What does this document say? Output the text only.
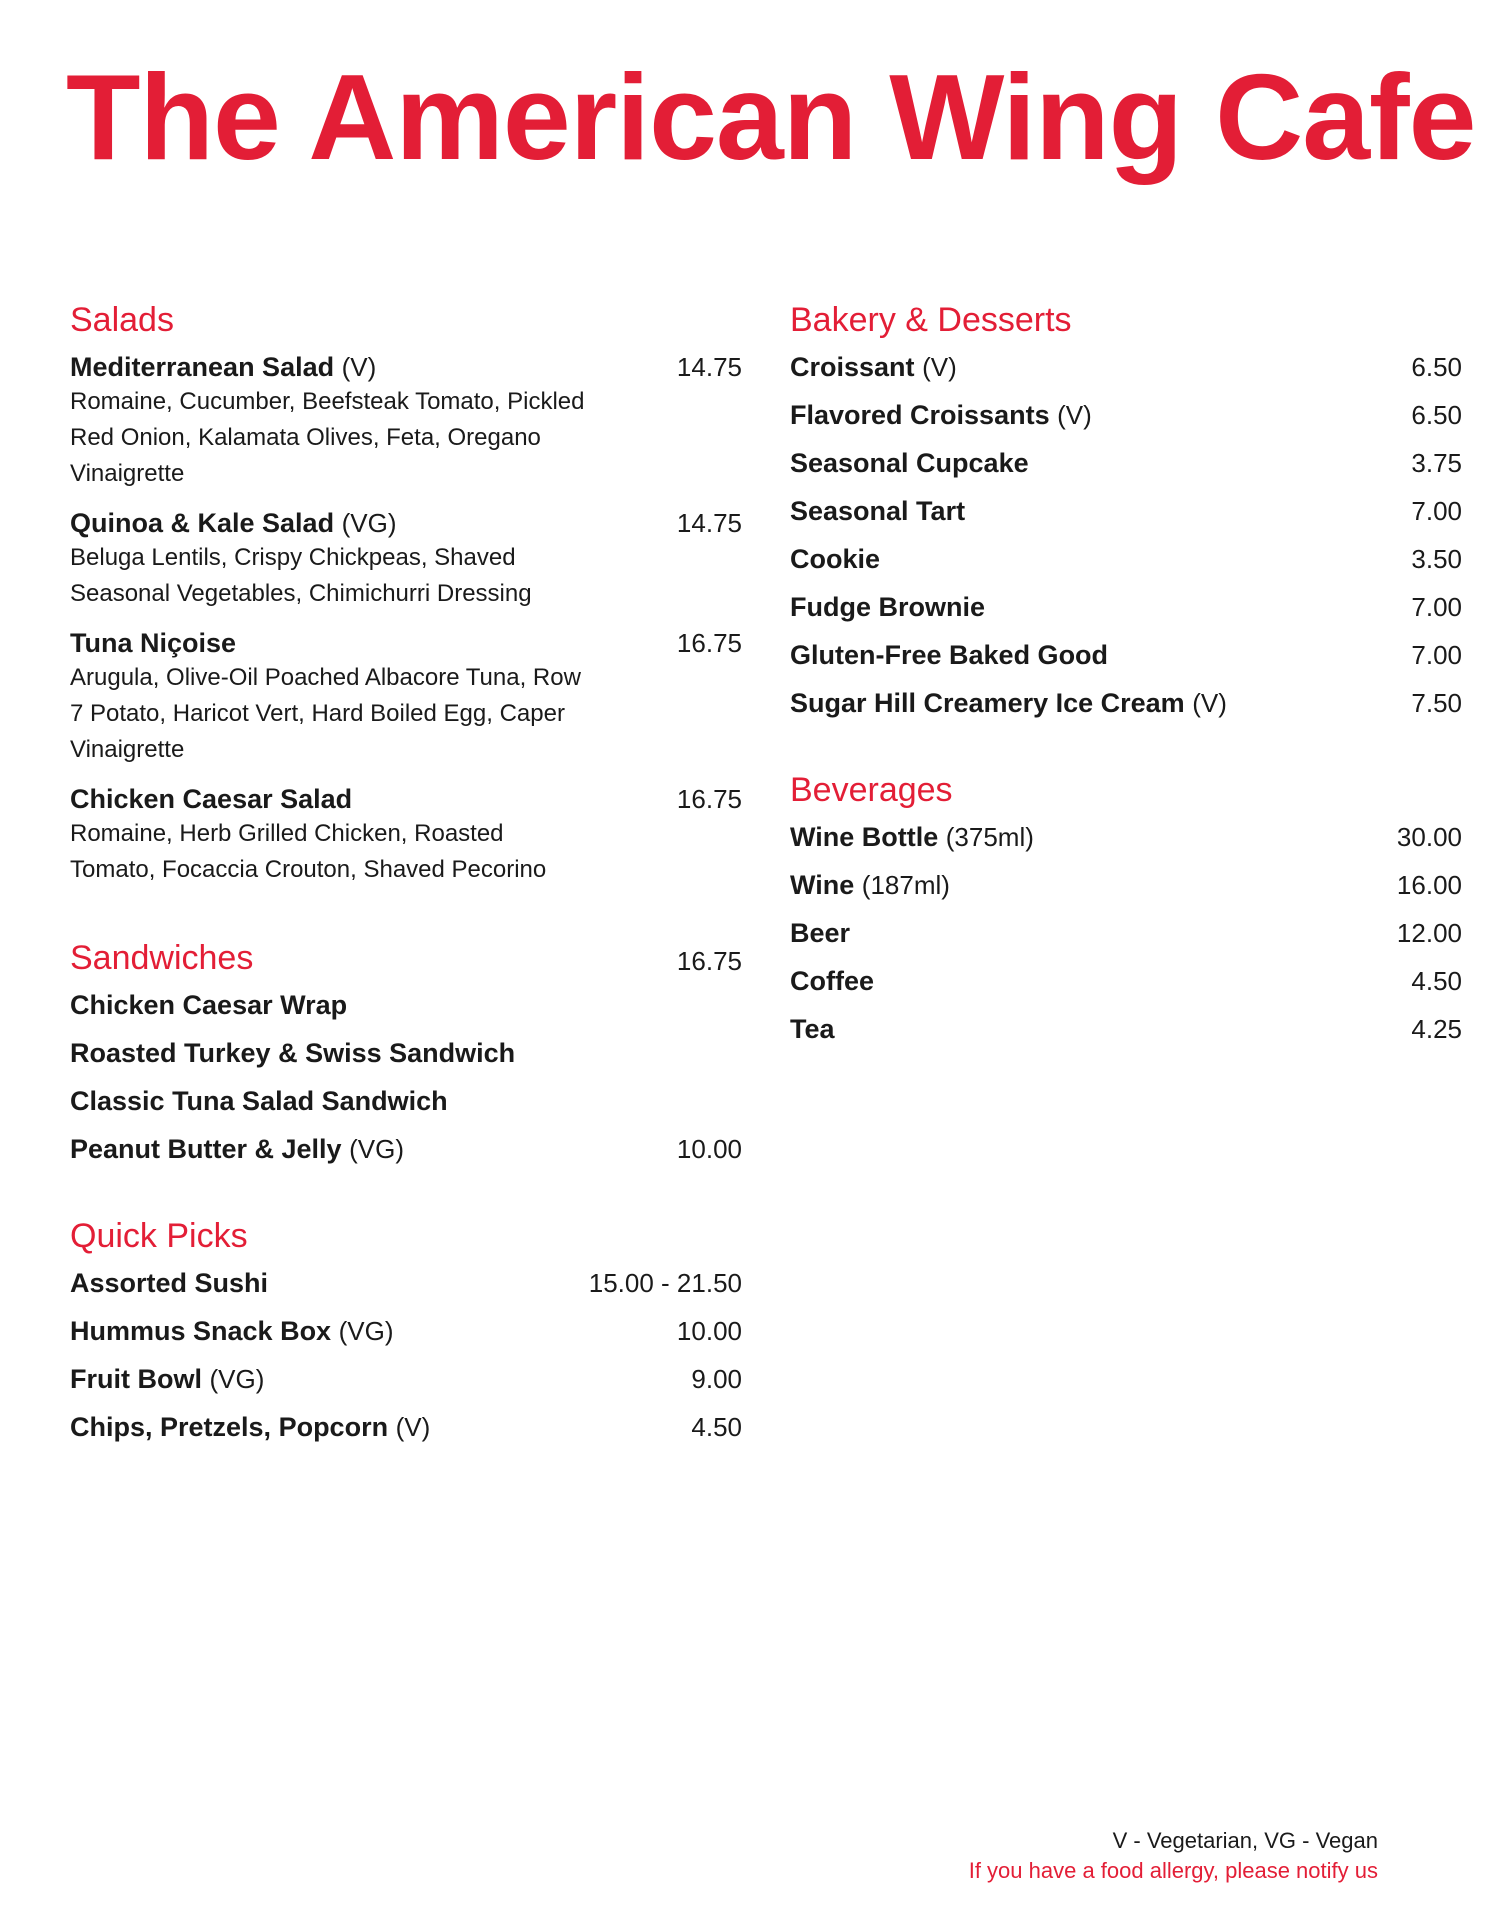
The American Wing Cafe
Salads
Mediterranean Salad (V)	14.75
Romaine, Cucumber, Beefsteak Tomato, Pickled Red Onion, Kalamata Olives, Feta, Oregano Vinaigrette
Quinoa & Kale Salad (VG)	14.75
Beluga Lentils, Crispy Chickpeas, Shaved Seasonal Vegetables, Chimichurri Dressing
Tuna Niçoise	16.75
Arugula, Olive-Oil Poached Albacore Tuna, Row 7 Potato, Haricot Vert, Hard Boiled Egg, Caper Vinaigrette
Chicken Caesar Salad	16.75
Romaine, Herb Grilled Chicken, Roasted Tomato, Focaccia Crouton, Shaved Pecorino
Sandwiches	16.75
Chicken Caesar Wrap
Roasted Turkey & Swiss Sandwich
Classic Tuna Salad Sandwich
Peanut Butter & Jelly (VG)	10.00
Quick Picks
Assorted Sushi	15.00 - 21.50
Hummus Snack Box (VG)	10.00
Fruit Bowl (VG)	9.00
Chips, Pretzels, Popcorn (V)	4.50
Bakery & Desserts
Croissant (V)	6.50
Flavored Croissants (V)	6.50
Seasonal Cupcake	3.75
Seasonal Tart	7.00
Cookie	3.50
Fudge Brownie	7.00
Gluten-Free Baked Good	7.00
Sugar Hill Creamery Ice Cream (V)	7.50
Beverages
Wine Bottle (375ml)	30.00
Wine (187ml)	16.00
Beer	12.00
Coffee	4.50
Tea	4.25
V - Vegetarian, VG - Vegan
If you have a food allergy, please notify us
